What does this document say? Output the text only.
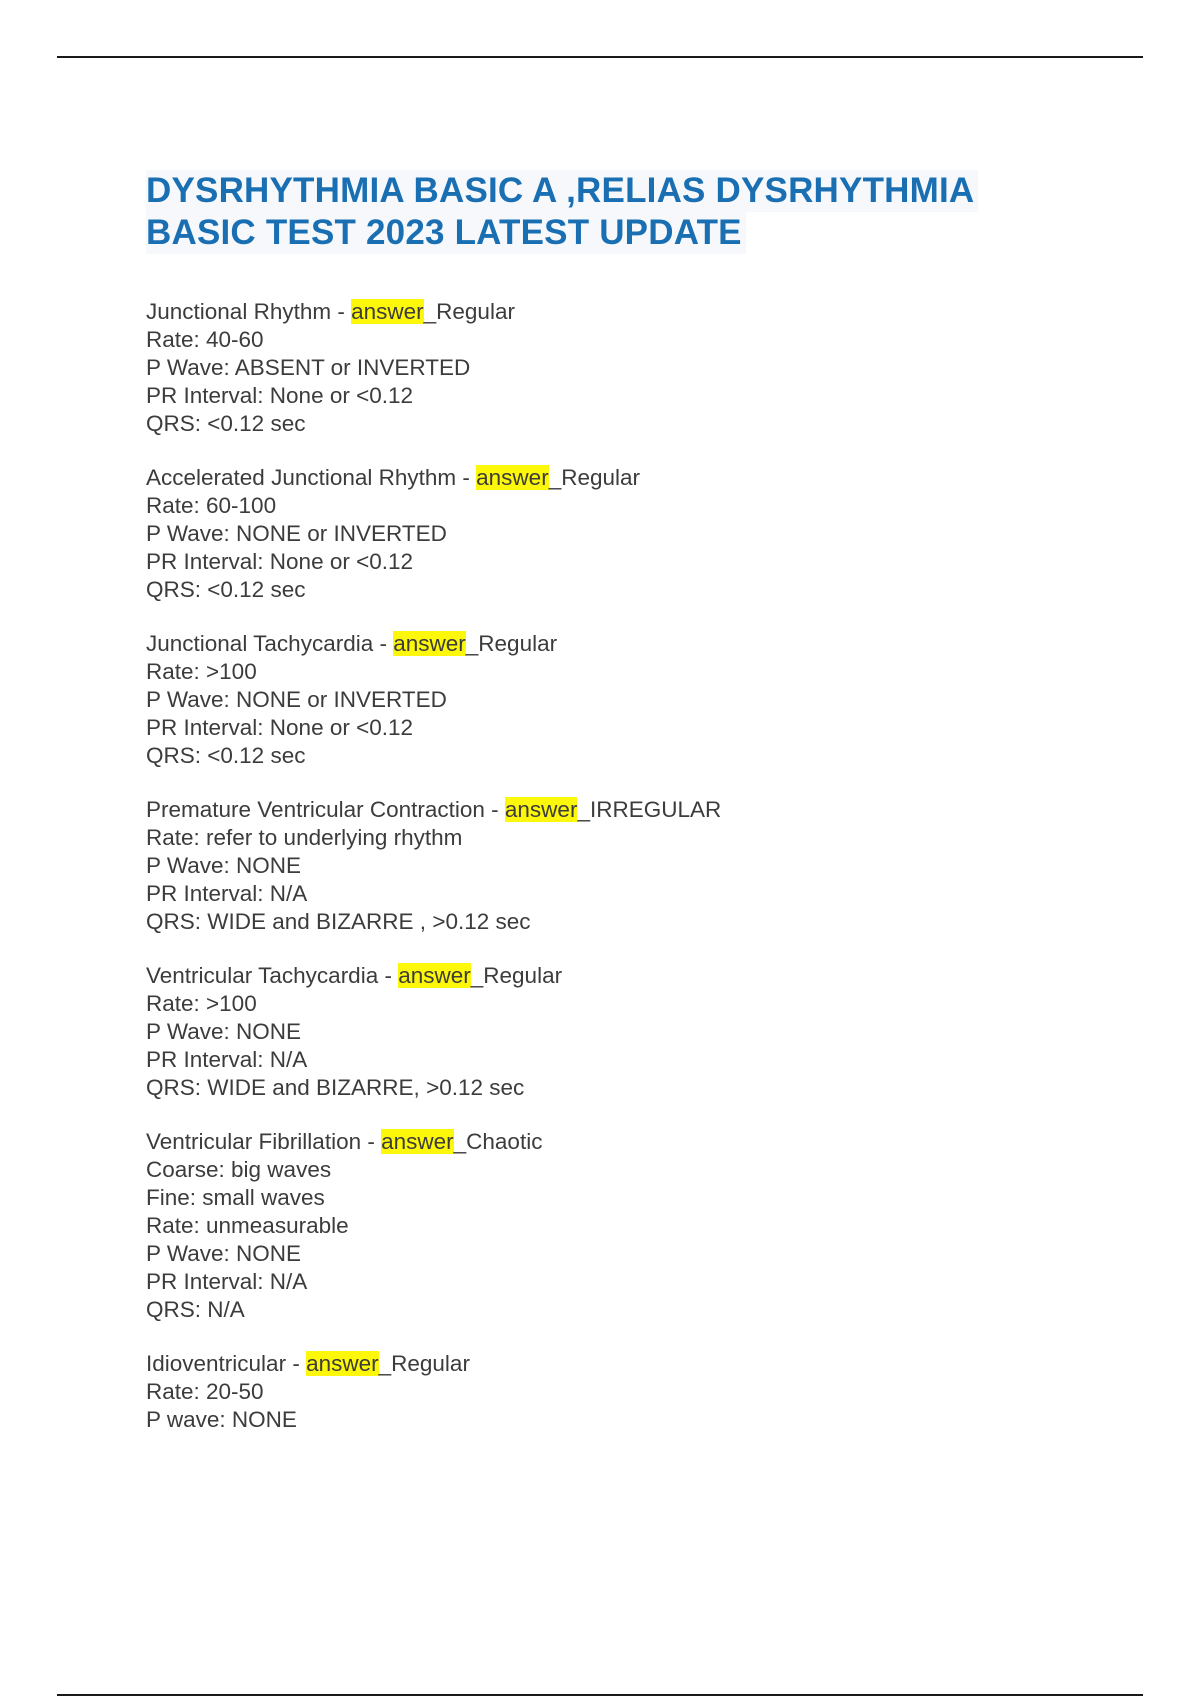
DYSRHYTHMIA BASIC A ,RELIAS DYSRHYTHMIA
BASIC TEST 2023 LATEST UPDATE
Junctional Rhythm - answer_Regular
Rate: 40-60
P Wave: ABSENT or INVERTED
PR Interval: None or <0.12
QRS: <0.12 sec
Accelerated Junctional Rhythm - answer_Regular
Rate: 60-100
P Wave: NONE or INVERTED
PR Interval: None or <0.12
QRS: <0.12 sec
Junctional Tachycardia - answer_Regular
Rate: >100
P Wave: NONE or INVERTED
PR Interval: None or <0.12
QRS: <0.12 sec
Premature Ventricular Contraction - answer_IRREGULAR
Rate: refer to underlying rhythm
P Wave: NONE
PR Interval: N/A
QRS: WIDE and BIZARRE , >0.12 sec
Ventricular Tachycardia - answer_Regular
Rate: >100
P Wave: NONE
PR Interval: N/A
QRS: WIDE and BIZARRE, >0.12 sec
Ventricular Fibrillation - answer_Chaotic
Coarse: big waves
Fine: small waves
Rate: unmeasurable
P Wave: NONE
PR Interval: N/A
QRS: N/A
Idioventricular - answer_Regular
Rate: 20-50
P wave: NONE
